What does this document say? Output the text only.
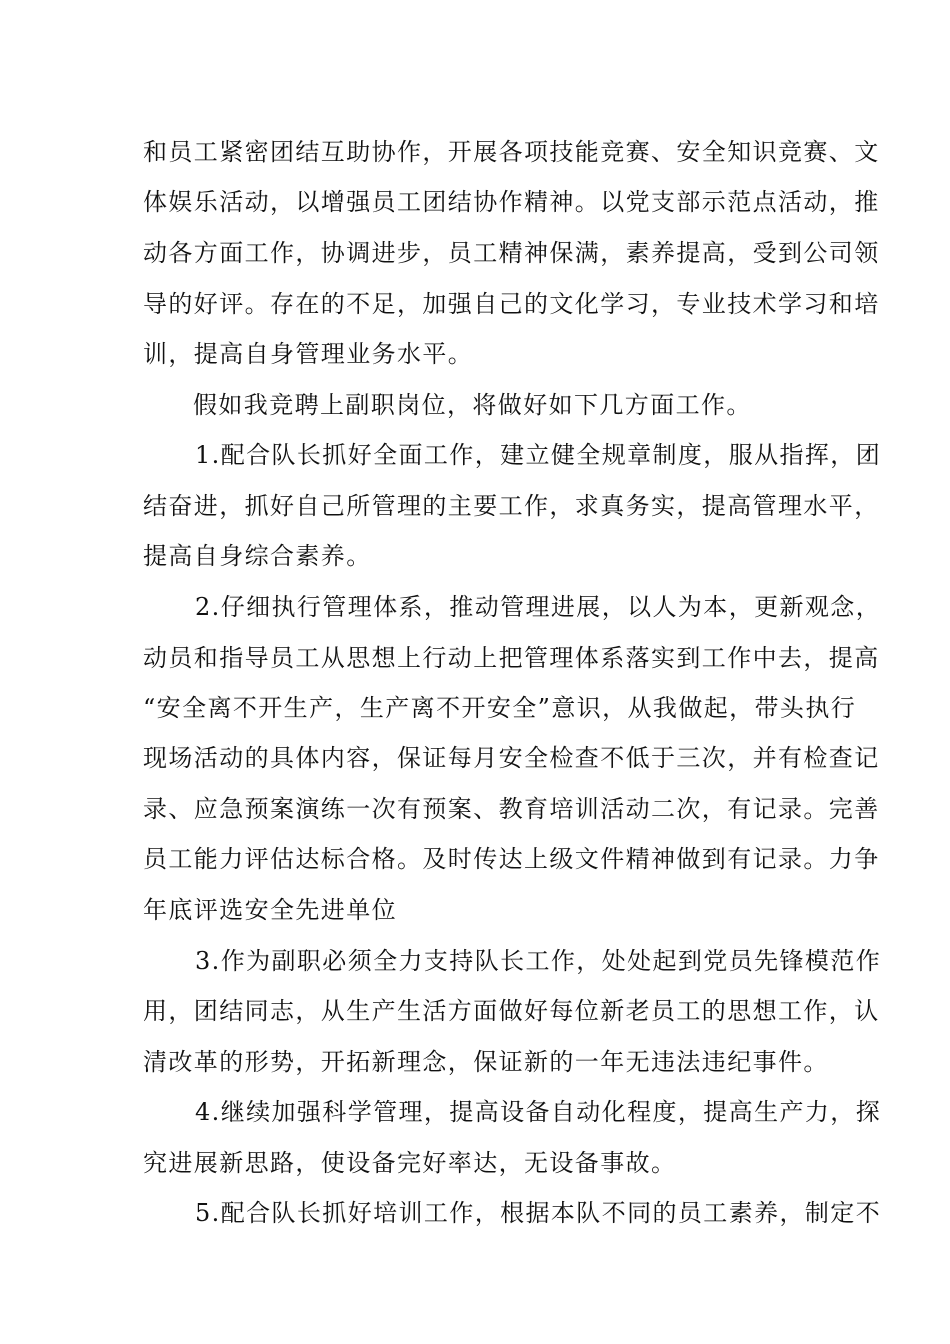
和员工紧密团结互助协作，开展各项技能竞赛、安全知识竞赛、文
体娱乐活动，以增强员工团结协作精神。以党支部示范点活动，推
动各方面工作，协调进步，员工精神保满，素养提高，受到公司领
导的好评。存在的不足，加强自己的文化学习，专业技术学习和培
训，提高自身管理业务水平。
假如我竞聘上副职岗位，将做好如下几方面工作。
1.配合队长抓好全面工作，建立健全规章制度，服从指挥，团
结奋进，抓好自己所管理的主要工作，求真务实，提高管理水平，
提高自身综合素养。
2.仔细执行管理体系，推动管理进展，以人为本，更新观念，
动员和指导员工从思想上行动上把管理体系落实到工作中去，提高
“安全离不开生产，生产离不开安全”意识，从我做起，带头执行
现场活动的具体内容，保证每月安全检查不低于三次，并有检查记
录、应急预案演练一次有预案、教育培训活动二次，有记录。完善
员工能力评估达标合格。及时传达上级文件精神做到有记录。力争
年底评选安全先进单位
3.作为副职必须全力支持队长工作，处处起到党员先锋模范作
用，团结同志，从生产生活方面做好每位新老员工的思想工作，认
清改革的形势，开拓新理念，保证新的一年无违法违纪事件。
4.继续加强科学管理，提高设备自动化程度，提高生产力，探
究进展新思路，使设备完好率达，无设备事故。
5.配合队长抓好培训工作，根据本队不同的员工素养，制定不
